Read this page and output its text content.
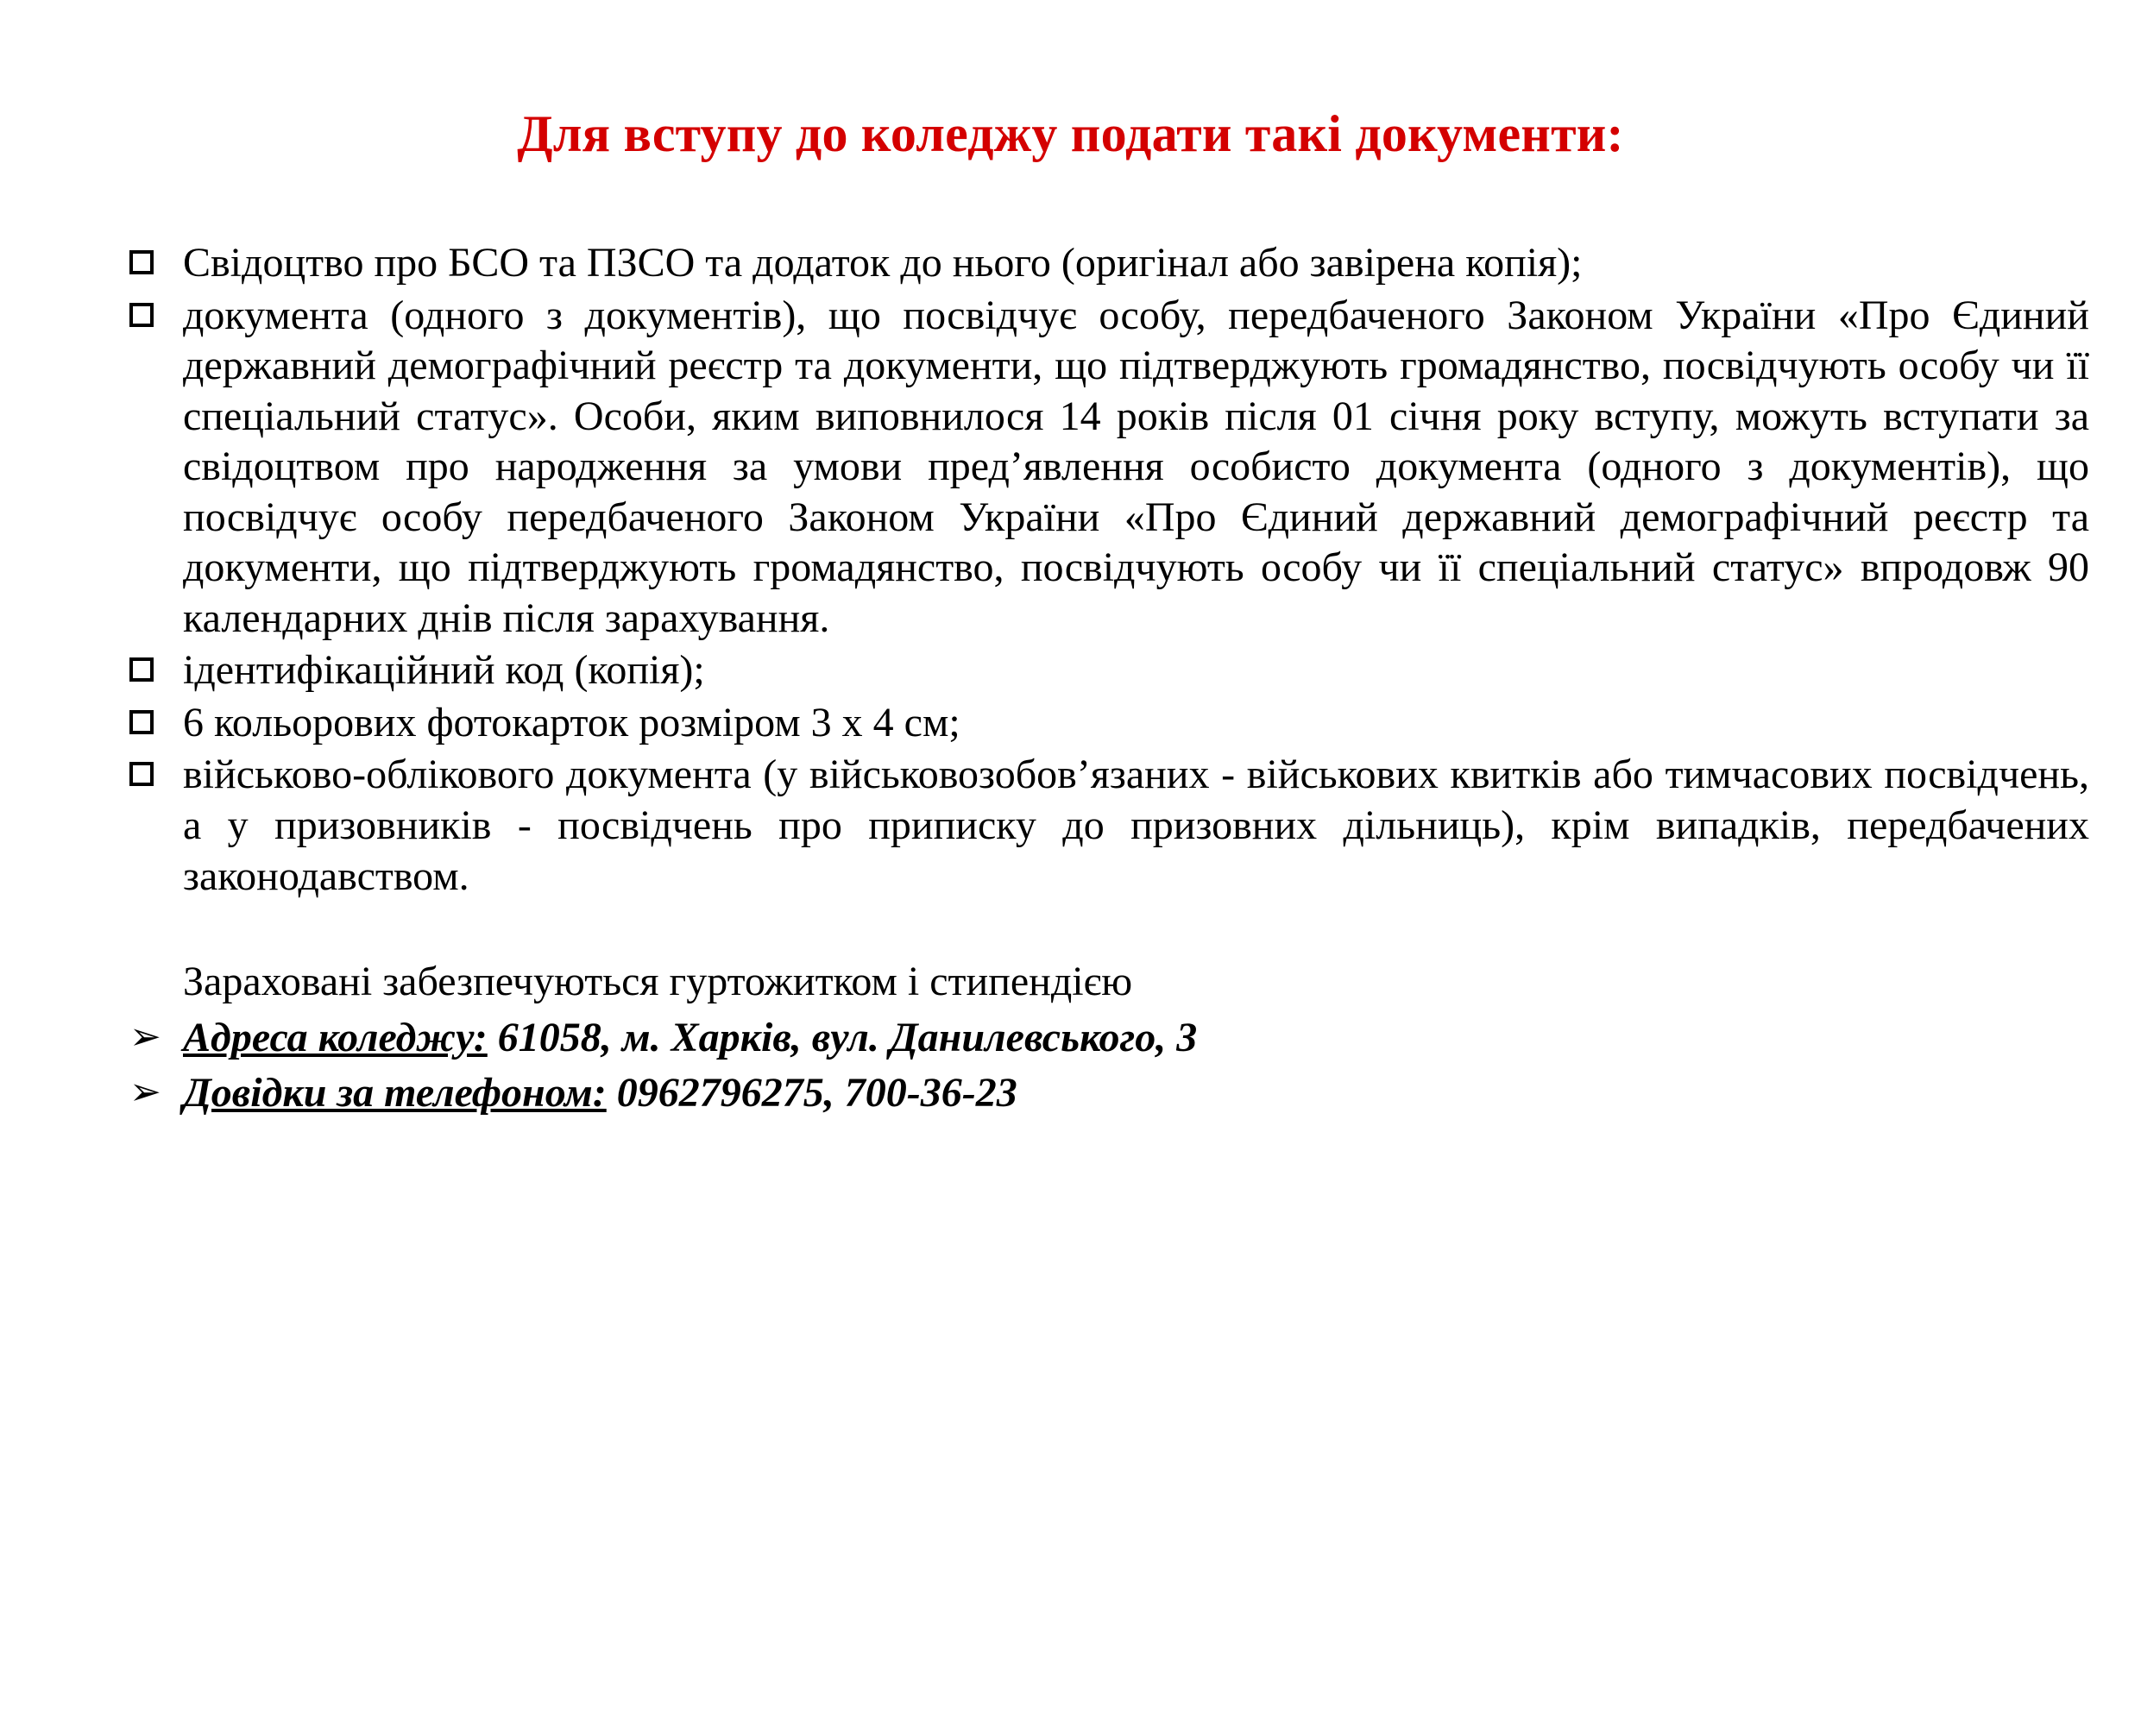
Для вступу до коледжу подати такі документи:
Свідоцтво про БСО та ПЗСО та додаток до нього (оригінал або завірена копія);
документа (одного з документів), що посвідчує особу, передбаченого Законом України «Про Єдиний державний демографічний реєстр та документи, що підтверджують громадянство, посвідчують особу чи її спеціальний статус». Особи, яким виповнилося 14 років після 01 січня року вступу, можуть вступати за свідоцтвом про народження за умови пред’явлення особисто документа (одного з документів), що посвідчує особу передбаченого Законом України «Про Єдиний державний демографічний реєстр та документи, що підтверджують громадянство, посвідчують особу чи її спеціальний статус» впродовж 90 календарних днів після зарахування.
ідентифікаційний код (копія);
6 кольорових фотокарток розміром 3 х 4 см;
військово-облікового документа (у військовозобов’язаних - військових квитків або тимчасових посвідчень, а у призовників - посвідчень про приписку до призовних дільниць), крім випадків, передбачених законодавством.
Зараховані забезпечуються гуртожитком і стипендією
➢ Адреса коледжу: 61058, м. Харків, вул. Данилевського, 3
➢ Довідки за телефоном: 0962796275, 700-36-23
